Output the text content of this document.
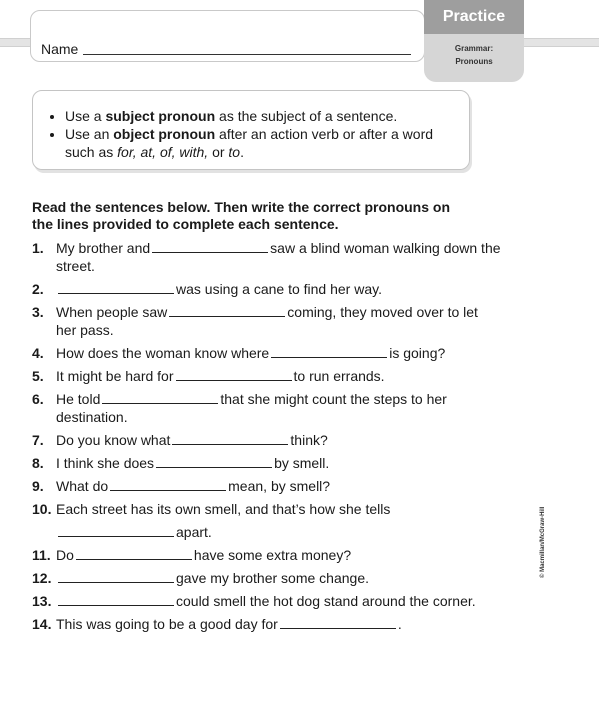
Name
Practice
Grammar:
Pronouns
• Use a subject pronoun as the subject of a sentence.
• Use an object pronoun after an action verb or after a word
such as for, at, of, with, or to.
Read the sentences below. Then write the correct pronouns on
the lines provided to complete each sentence.
1. My brother and	saw a blind woman walking down the
street.
2.	was using a cane to find her way.
3. When people saw	coming, they moved over to let
her pass.
4. How does the woman know where	is going?
5. It might be hard for	to run errands.
6. He told	that she might count the steps to her
destination.
7. Do you know what	think?
8. I think she does	by smell.
9. What do	mean, by smell?
10. Each street has its own smell, and that’s how she tells
apart.
11. Do	have some extra money?
12.	gave my brother some change.
13.	could smell the hot dog stand around the corner.
14. This was going to be a good day for	.
© Macmillan/McGraw-Hill
